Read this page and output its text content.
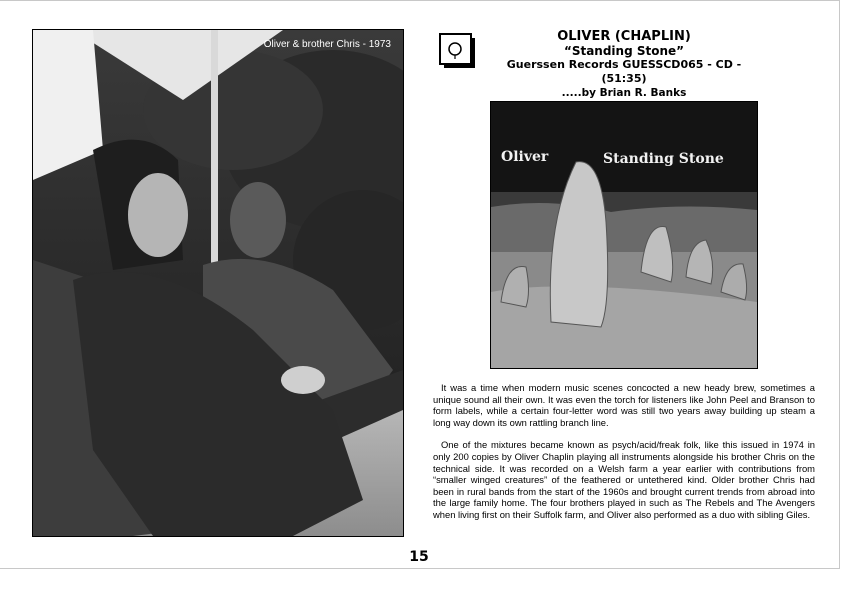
Oliver & brother Chris - 1973
OLIVER (CHAPLIN)
“Standing Stone”
Guerssen Records GUESSCD065 - CD - (51:35)
.....by Brian R. Banks
Oliver	Standing Stone

It was a time when modern music scenes concocted a new heady brew, sometimes a unique sound all their own. It was even the torch for listeners like John Peel and Branson to form labels, while a certain four-letter word was still two years away building up steam a long way down its own rattling branch line.

One of the mixtures became known as psych/acid/freak folk, like this issued in 1974 in only 200 copies by Oliver Chaplin playing all instruments alongside his brother Chris on the technical side. It was recorded on a Welsh farm a year earlier with contributions from “smaller winged creatures” of the feathered or untethered kind. Older brother Chris had been in rural bands from the start of the 1960s and brought current trends from abroad into the large family home. The four brothers played in such as The Rebels and The Avengers when living first on their Suffolk farm, and Oliver also performed as a duo with sibling Giles.

15
